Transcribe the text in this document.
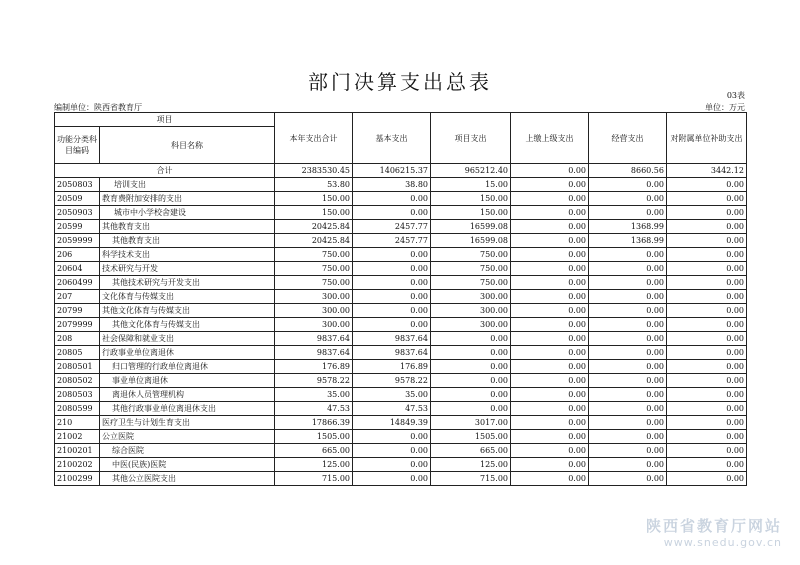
部门决算支出总表
03表
编制单位：陕西省教育厅	单位：万元
项目		本年支出合计	基本支出	项目支出	上缴上级支出	经营支出	对附属单位补助支出
功能分类科目编码	科目名称						
合计		2383530.45	1406215.37	965212.40	0.00	8660.56	3442.12
2050803	培训支出	53.80	38.80	15.00	0.00	0.00	0.00
20509	教育费附加安排的支出	150.00	0.00	150.00	0.00	0.00	0.00
2050903	城市中小学校舍建设	150.00	0.00	150.00	0.00	0.00	0.00
20599	其他教育支出	20425.84	2457.77	16599.08	0.00	1368.99	0.00
2059999	其他教育支出	20425.84	2457.77	16599.08	0.00	1368.99	0.00
206	科学技术支出	750.00	0.00	750.00	0.00	0.00	0.00
20604	技术研究与开发	750.00	0.00	750.00	0.00	0.00	0.00
2060499	其他技术研究与开发支出	750.00	0.00	750.00	0.00	0.00	0.00
207	文化体育与传媒支出	300.00	0.00	300.00	0.00	0.00	0.00
20799	其他文化体育与传媒支出	300.00	0.00	300.00	0.00	0.00	0.00
2079999	其他文化体育与传媒支出	300.00	0.00	300.00	0.00	0.00	0.00
208	社会保障和就业支出	9837.64	9837.64	0.00	0.00	0.00	0.00
20805	行政事业单位离退休	9837.64	9837.64	0.00	0.00	0.00	0.00
2080501	归口管理的行政单位离退休	176.89	176.89	0.00	0.00	0.00	0.00
2080502	事业单位离退休	9578.22	9578.22	0.00	0.00	0.00	0.00
2080503	离退休人员管理机构	35.00	35.00	0.00	0.00	0.00	0.00
2080599	其他行政事业单位离退休支出	47.53	47.53	0.00	0.00	0.00	0.00
210	医疗卫生与计划生育支出	17866.39	14849.39	3017.00	0.00	0.00	0.00
21002	公立医院	1505.00	0.00	1505.00	0.00	0.00	0.00
2100201	综合医院	665.00	0.00	665.00	0.00	0.00	0.00
2100202	中医(民族)医院	125.00	0.00	125.00	0.00	0.00	0.00
2100299	其他公立医院支出	715.00	0.00	715.00	0.00	0.00	0.00
陕西省教育厅网站
www.snedu.gov.cn
